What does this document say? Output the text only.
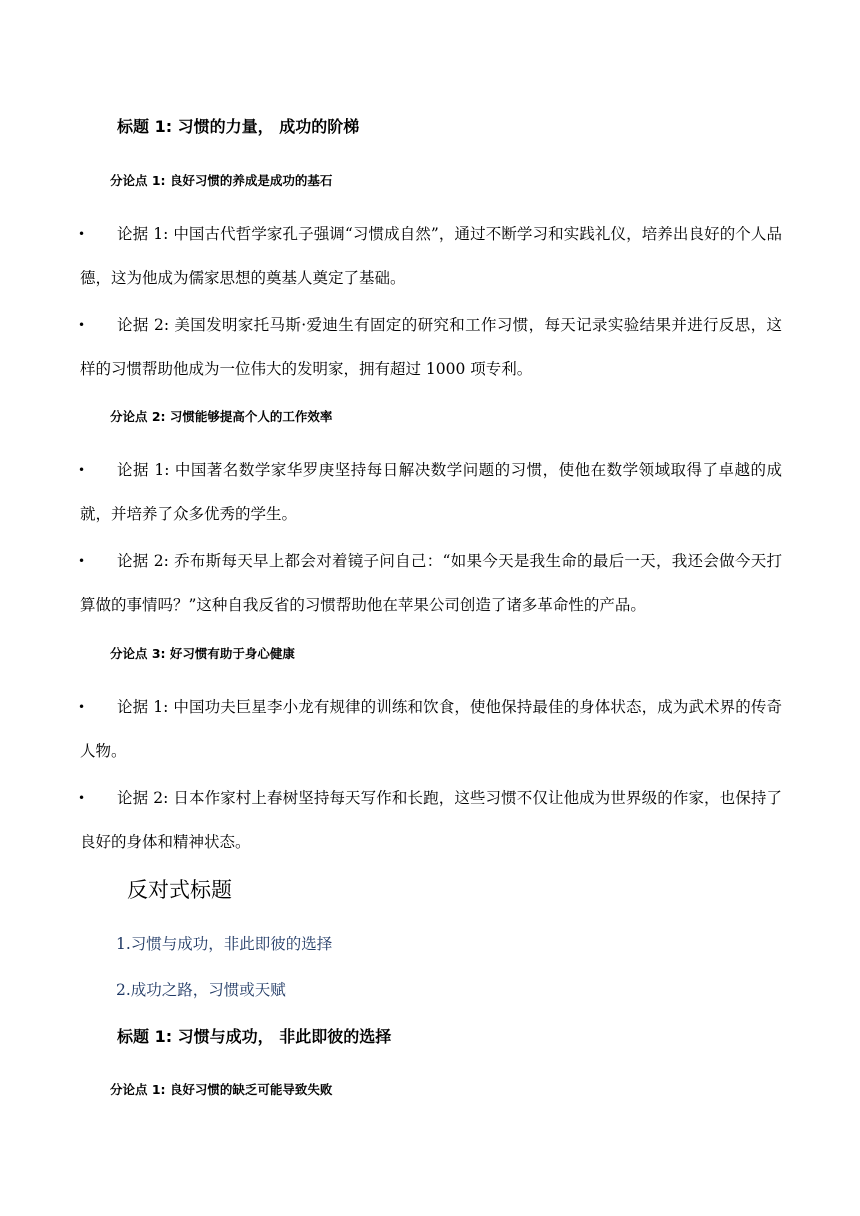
标题 1: 习惯的力量， 成功的阶梯
分论点 1: 良好习惯的养成是成功的基石
• 论据 1: 中国古代哲学家孔子强调“习惯成自然”，通过不断学习和实践礼仪，培养出良好的个人品德，这为他成为儒家思想的奠基人奠定了基础。
• 论据 2: 美国发明家托马斯·爱迪生有固定的研究和工作习惯，每天记录实验结果并进行反思，这样的习惯帮助他成为一位伟大的发明家，拥有超过 1000 项专利。
分论点 2: 习惯能够提高个人的工作效率
• 论据 1: 中国著名数学家华罗庚坚持每日解决数学问题的习惯，使他在数学领域取得了卓越的成就，并培养了众多优秀的学生。
• 论据 2: 乔布斯每天早上都会对着镜子问自己：“如果今天是我生命的最后一天，我还会做今天打算做的事情吗？”这种自我反省的习惯帮助他在苹果公司创造了诸多革命性的产品。
分论点 3: 好习惯有助于身心健康
• 论据 1: 中国功夫巨星李小龙有规律的训练和饮食，使他保持最佳的身体状态，成为武术界的传奇人物。
• 论据 2: 日本作家村上春树坚持每天写作和长跑，这些习惯不仅让他成为世界级的作家，也保持了良好的身体和精神状态。
反对式标题
1.习惯与成功，非此即彼的选择
2.成功之路，习惯或天赋
标题 1: 习惯与成功， 非此即彼的选择
分论点 1: 良好习惯的缺乏可能导致失败
